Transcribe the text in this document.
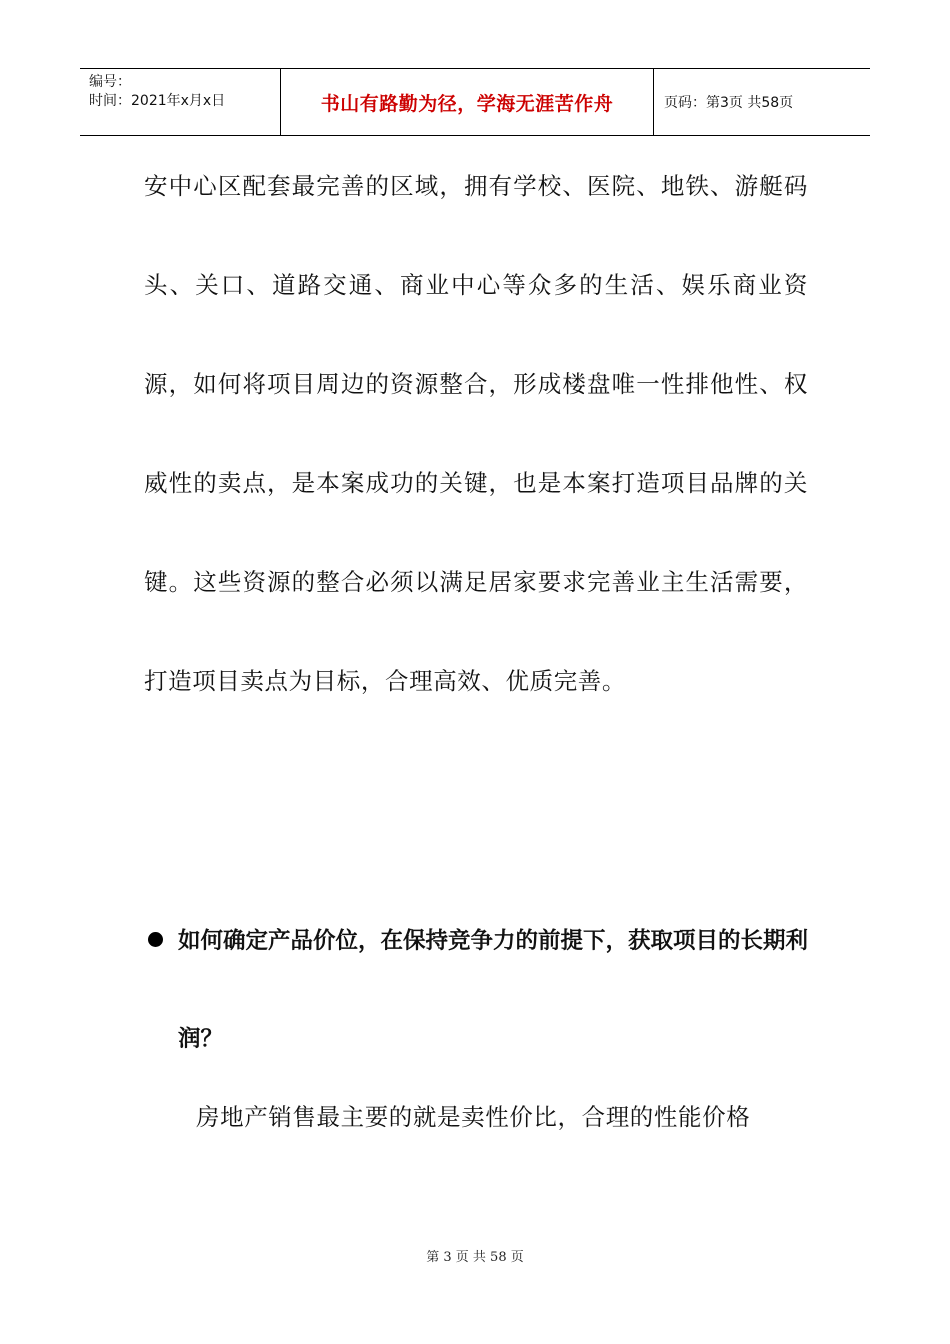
编号：
时间：2021年x月x日	书山有路勤为径，学海无涯苦作舟	页码：第3页 共58页

安中心区配套最完善的区域，拥有学校、医院、地铁、游艇码头、关口、道路交通、商业中心等众多的生活、娱乐商业资源，如何将项目周边的资源整合，形成楼盘唯一性排他性、权威性的卖点，是本案成功的关键，也是本案打造项目品牌的关键。这些资源的整合必须以满足居家要求完善业主生活需要，打造项目卖点为目标，合理高效、优质完善。

如何确定产品价位，在保持竞争力的前提下，获取项目的长期利润？

房地产销售最主要的就是卖性价比，合理的性能价格

第 3 页 共 58 页
